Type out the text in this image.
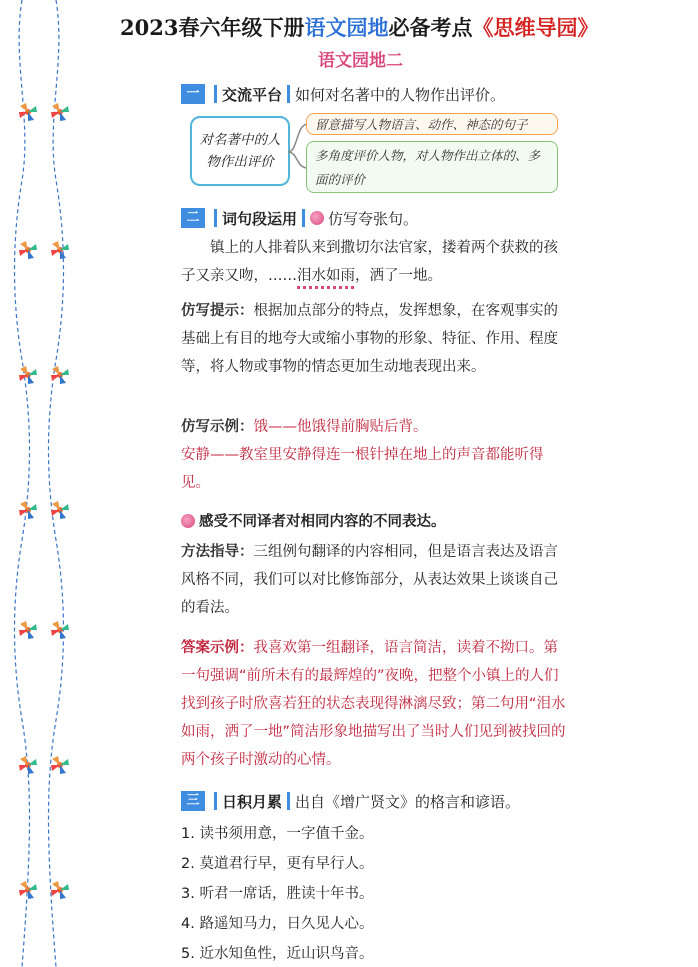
2023春六年级下册语文园地必备考点《思维导园》
语文园地二
一	交流平台 如何对名著中的人物作出评价。
对名著中的人物作出评价
留意描写人物语言、动作、神态的句子
多角度评价人物，对人物作出立体的、多面的评价
二	词句段运用 仿写夸张句。
镇上的人排着队来到撒切尔法官家，搂着两个获救的孩子又亲又吻，……泪水如雨，洒了一地。
仿写提示：根据加点部分的特点，发挥想象，在客观事实的基础上有目的地夸大或缩小事物的形象、特征、作用、程度等，将人物或事物的情态更加生动地表现出来。
仿写示例：饿——他饿得前胸贴后背。
安静——教室里安静得连一根针掉在地上的声音都能听得见。
感受不同译者对相同内容的不同表达。
方法指导：三组例句翻译的内容相同，但是语言表达及语言风格不同，我们可以对比修饰部分，从表达效果上谈谈自己的看法。
答案示例：我喜欢第一组翻译，语言简洁，读着不拗口。第一句强调“前所未有的最辉煌的”夜晚，把整个小镇上的人们找到孩子时欣喜若狂的状态表现得淋漓尽致；第二句用“泪水如雨，洒了一地”简洁形象地描写出了当时人们见到被找回的两个孩子时激动的心情。
三	日积月累 出自《增广贤文》的格言和谚语。
1. 读书须用意，一字值千金。
2. 莫道君行早，更有早行人。
3. 听君一席话，胜读十年书。
4. 路遥知马力，日久见人心。
5. 近水知鱼性，近山识鸟音。
